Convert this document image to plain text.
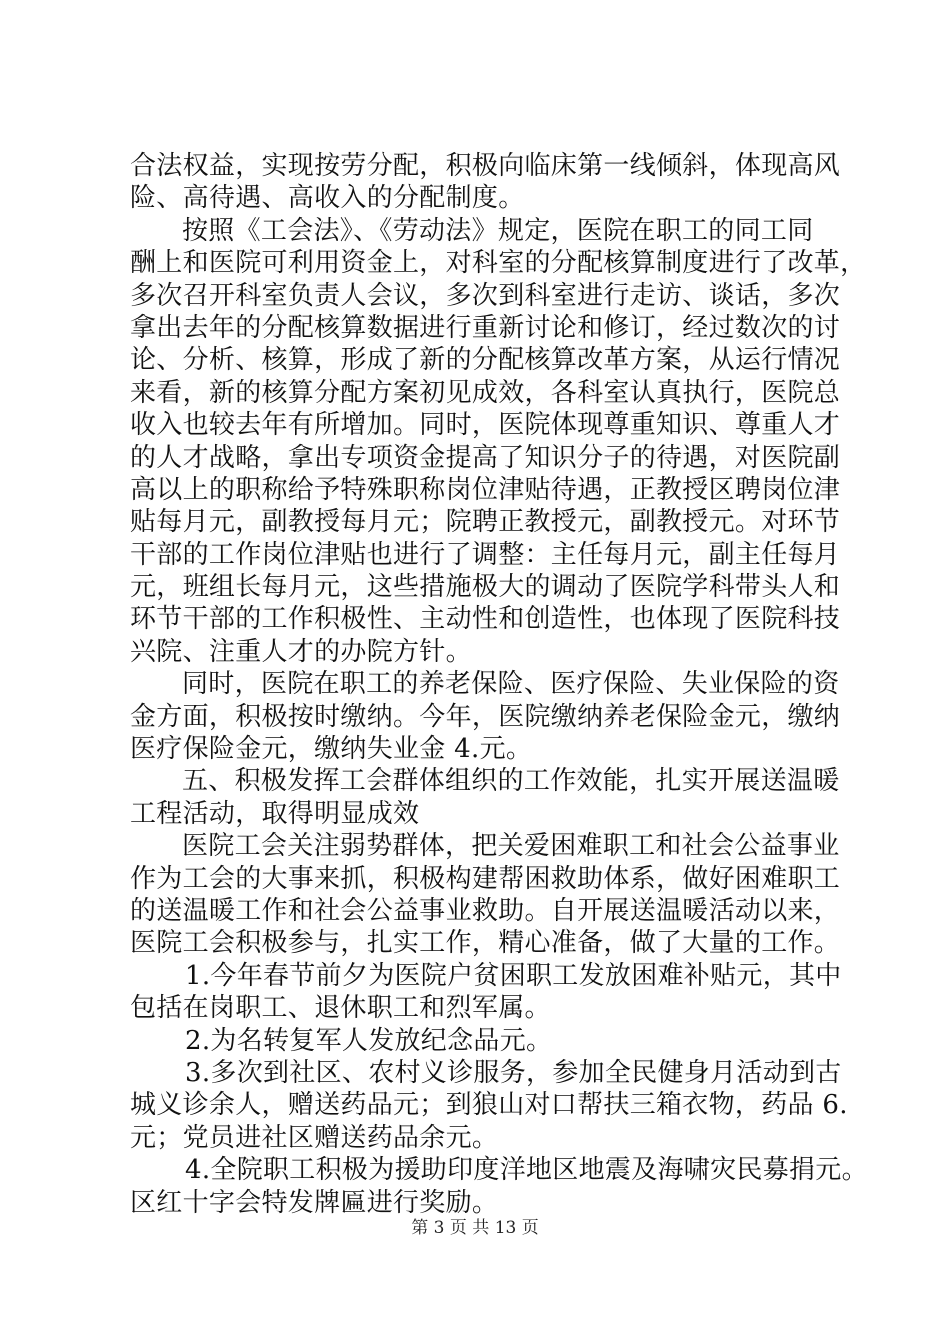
合法权益，实现按劳分配，积极向临床第一线倾斜，体现高风
险、高待遇、高收入的分配制度。
按照《工会法》、《劳动法》规定，医院在职工的同工同
酬上和医院可利用资金上，对科室的分配核算制度进行了改革，
多次召开科室负责人会议，多次到科室进行走访、谈话，多次
拿出去年的分配核算数据进行重新讨论和修订，经过数次的讨
论、分析、核算，形成了新的分配核算改革方案，从运行情况
来看，新的核算分配方案初见成效，各科室认真执行，医院总
收入也较去年有所增加。同时，医院体现尊重知识、尊重人才
的人才战略，拿出专项资金提高了知识分子的待遇，对医院副
高以上的职称给予特殊职称岗位津贴待遇，正教授区聘岗位津
贴每月元，副教授每月元；院聘正教授元，副教授元。对环节
干部的工作岗位津贴也进行了调整：主任每月元，副主任每月
元，班组长每月元，这些措施极大的调动了医院学科带头人和
环节干部的工作积极性、主动性和创造性，也体现了医院科技
兴院、注重人才的办院方针。
同时，医院在职工的养老保险、医疗保险、失业保险的资
金方面，积极按时缴纳。今年，医院缴纳养老保险金元，缴纳
医疗保险金元，缴纳失业金 4.元。
五、积极发挥工会群体组织的工作效能，扎实开展送温暖
工程活动，取得明显成效
医院工会关注弱势群体，把关爱困难职工和社会公益事业
作为工会的大事来抓，积极构建帮困救助体系，做好困难职工
的送温暖工作和社会公益事业救助。自开展送温暖活动以来，
医院工会积极参与，扎实工作，精心准备，做了大量的工作。
1.今年春节前夕为医院户贫困职工发放困难补贴元，其中
包括在岗职工、退休职工和烈军属。
2.为名转复军人发放纪念品元。
3.多次到社区、农村义诊服务，参加全民健身月活动到古
城义诊余人，赠送药品元；到狼山对口帮扶三箱衣物，药品 6.
元；党员进社区赠送药品余元。
4.全院职工积极为援助印度洋地区地震及海啸灾民募捐元。
区红十字会特发牌匾进行奖励。
第 3 页 共 13 页
